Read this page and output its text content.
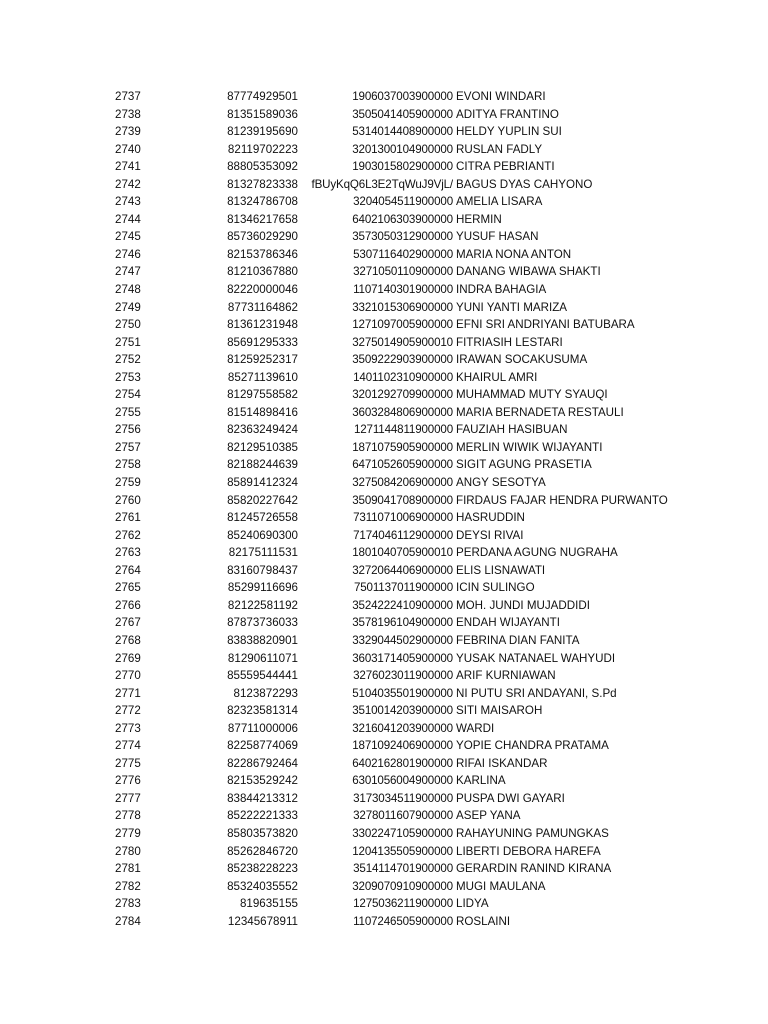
2737	87774929501	1906037003900000 EVONI WINDARI
2738	81351589036	3505041405900000 ADITYA FRANTINO
2739	81239195690	5314014408900000 HELDY YUPLIN SUI
2740	82119702223	3201300104900000 RUSLAN FADLY
2741	88805353092	1903015802900000 CITRA PEBRIANTI
2742	81327823338	fBUyKqQ6L3E2TqWuJ9VjL/ BAGUS DYAS CAHYONO
2743	81324786708	3204054511900000 AMELIA LISARA
2744	81346217658	6402106303900000 HERMIN
2745	85736029290	3573050312900000 YUSUF HASAN
2746	82153786346	5307116402900000 MARIA NONA ANTON
2747	81210367880	3271050110900000 DANANG WIBAWA SHAKTI
2748	82220000046	1107140301900000 INDRA BAHAGIA
2749	87731164862	3321015306900000 YUNI YANTI MARIZA
2750	81361231948	1271097005900000 EFNI SRI ANDRIYANI BATUBARA
2751	85691295333	3275014905900010 FITRIASIH LESTARI
2752	81259252317	3509222903900000 IRAWAN SOCAKUSUMA
2753	85271139610	1401102310900000 KHAIRUL AMRI
2754	81297558582	3201292709900000 MUHAMMAD MUTY SYAUQI
2755	81514898416	3603284806900000 MARIA BERNADETA RESTAULI
2756	82363249424	1271144811900000 FAUZIAH HASIBUAN
2757	82129510385	1871075905900000 MERLIN WIWIK WIJAYANTI
2758	82188244639	6471052605900000 SIGIT AGUNG PRASETIA
2759	85891412324	3275084206900000 ANGY SESOTYA
2760	85820227642	3509041708900000 FIRDAUS FAJAR HENDRA PURWANTO
2761	81245726558	7311071006900000 HASRUDDIN
2762	85240690300	7174046112900000 DEYSI RIVAI
2763	82175111531	1801040705900010 PERDANA AGUNG NUGRAHA
2764	83160798437	3272064406900000 ELIS LISNAWATI
2765	85299116696	7501137011900000 ICIN SULINGO
2766	82122581192	3524222410900000 MOH. JUNDI MUJADDIDI
2767	87873736033	3578196104900000 ENDAH WIJAYANTI
2768	83838820901	3329044502900000 FEBRINA DIAN FANITA
2769	81290611071	3603171405900000 YUSAK NATANAEL WAHYUDI
2770	85559544441	3276023011900000 ARIF KURNIAWAN
2771	8123872293	5104035501900000 NI PUTU SRI ANDAYANI, S.Pd
2772	82323581314	3510014203900000 SITI MAISAROH
2773	87711000006	3216041203900000 WARDI
2774	82258774069	1871092406900000 YOPIE CHANDRA PRATAMA
2775	82286792464	6402162801900000 RIFAI ISKANDAR
2776	82153529242	6301056004900000 KARLINA
2777	83844213312	3173034511900000 PUSPA DWI GAYARI
2778	85222221333	3278011607900000 ASEP YANA
2779	85803573820	3302247105900000 RAHAYUNING PAMUNGKAS
2780	85262846720	1204135505900000 LIBERTI DEBORA HAREFA
2781	85238228223	3514114701900000 GERARDIN RANIND KIRANA
2782	85324035552	3209070910900000 MUGI MAULANA
2783	819635155	1275036211900000 LIDYA
2784	12345678911	1107246505900000 ROSLAINI
